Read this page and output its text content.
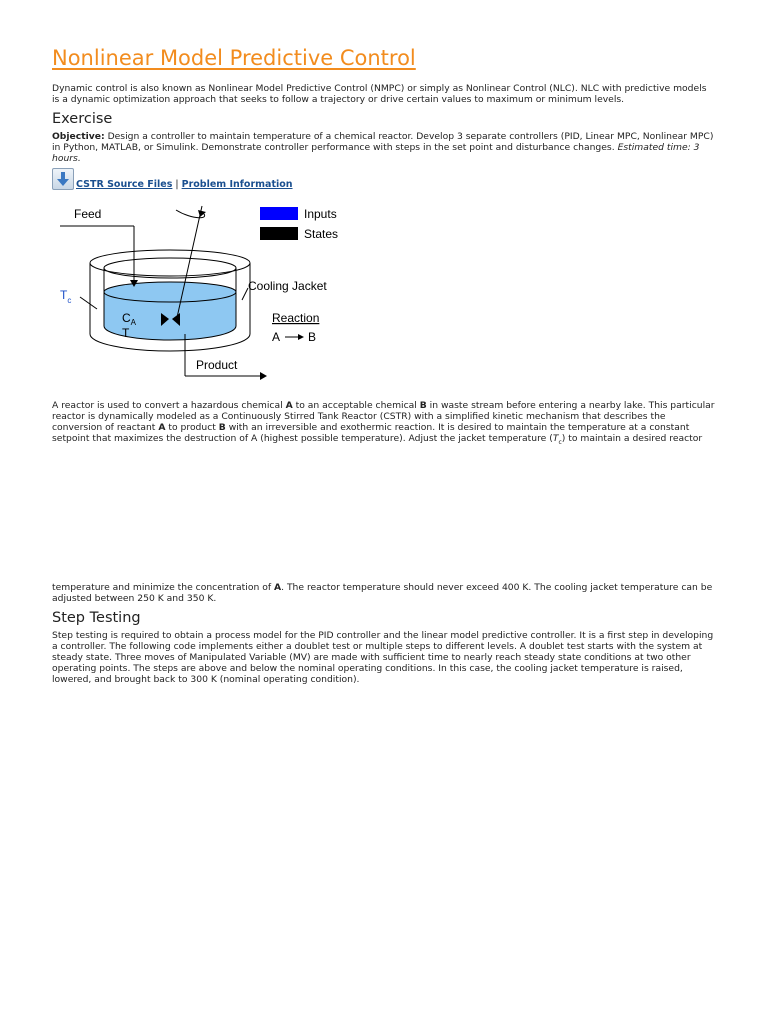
Nonlinear Model Predictive Control

Dynamic control is also known as Nonlinear Model Predictive Control (NMPC) or simply as Nonlinear Control (NLC). NLC with predictive models is a dynamic optimization approach that seeks to follow a trajectory or drive certain values to maximum or minimum levels.

Exercise

Objective: Design a controller to maintain temperature of a chemical reactor. Develop 3 separate controllers (PID, Linear MPC, Nonlinear MPC) in Python, MATLAB, or Simulink. Demonstrate controller performance with steps in the set point and disturbance changes. Estimated time: 3 hours.

CSTR Source Files | Problem Information
Feed
Product
$C_A$
T
$T_c$
Inputs
States
Cooling Jacket
Reaction
A B

A reactor is used to convert a hazardous chemical A to an acceptable chemical B in waste stream before entering a nearby lake. This particular reactor is dynamically modeled as a Continuously Stirred Tank Reactor (CSTR) with a simplified kinetic mechanism that describes the conversion of reactant A to product B with an irreversible and exothermic reaction. It is desired to maintain the temperature at a constant setpoint that maximizes the destruction of A (highest possible temperature). Adjust the jacket temperature $(T_c)$ to maintain a desired reactor

temperature and minimize the concentration of A. The reactor temperature should never exceed 400 K. The cooling jacket temperature can be adjusted between 250 K and 350 K.

Step Testing

Step testing is required to obtain a process model for the PID controller and the linear model predictive controller. It is a first step in developing a controller. The following code implements either a doublet test or multiple steps to different levels. A doublet test starts with the system at steady state. Three moves of Manipulated Variable (MV) are made with sufficient time to nearly reach steady state conditions at two other operating points. The steps are above and below the nominal operating conditions. In this case, the cooling jacket temperature is raised, lowered, and brought back to 300 K (nominal operating condition).
